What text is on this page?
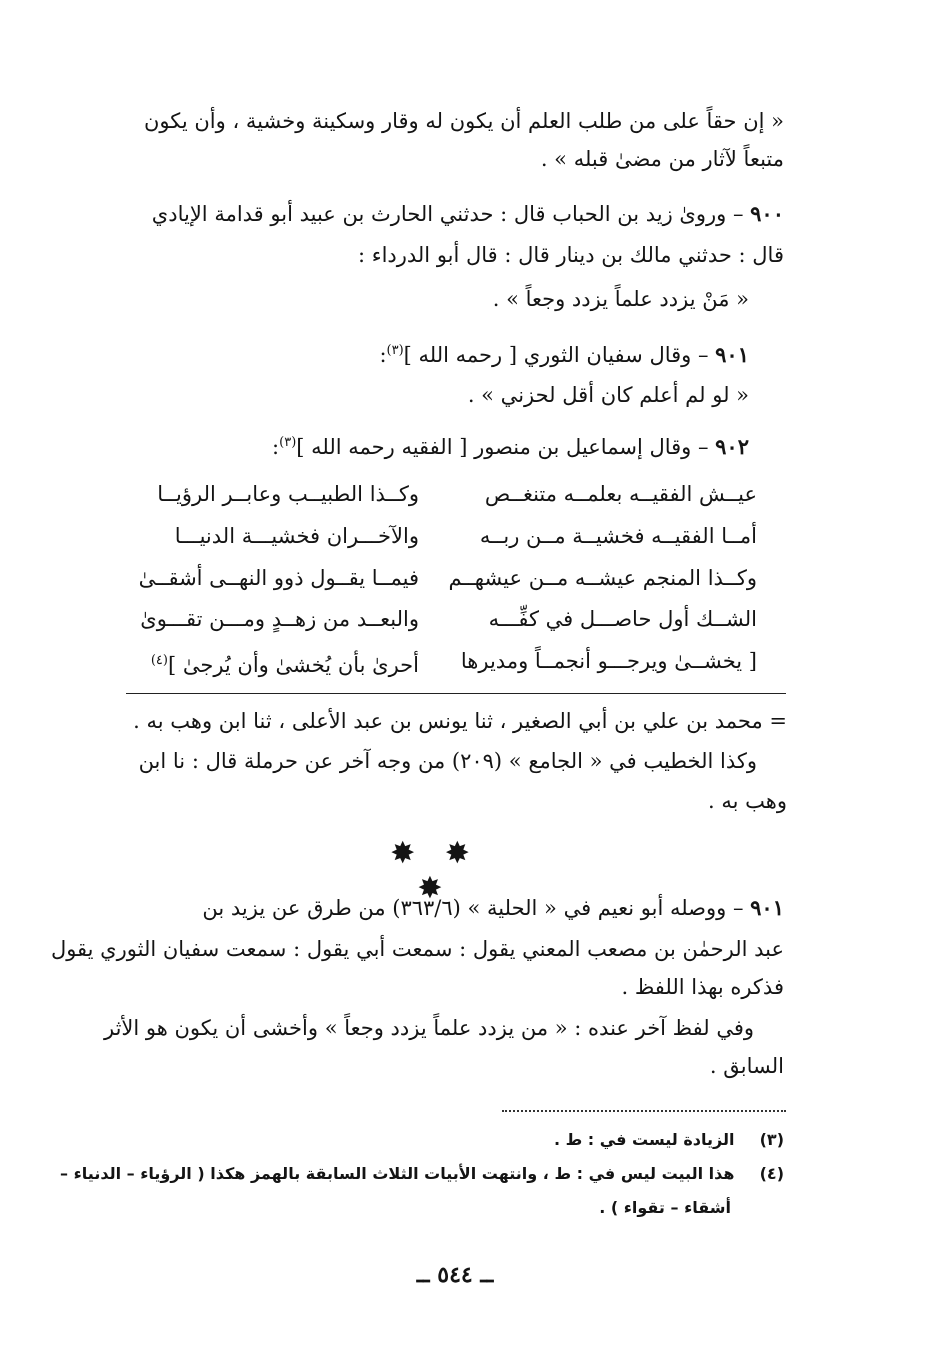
« إن حقاً على من طلب العلم أن يكون له وقار وسكينة وخشية ، وأن يكون
متبعاً لآثار من مضىٰ قبله » .
٩٠٠ – ورویٰ زید بن الحباب قال : حدثني الحارث بن عبید أبو قدامة الإیادي
قال : حدثني مالك بن دینار قال : قال أبو الدرداء :
« مَنْ یزدد علماً یزدد وجعاً » .
٩٠١ – وقال سفیان الثوري [ رحمه الله ]$^{(٣)}$:
« لو لم أعلم كان أقل لحزني » .
٩٠٢ – وقال إسماعیل بن منصور [ الفقیه رحمه الله ]$^{(٣)}$:
عیــش الفقیــه بعلمــه متنغــص
وكــذا الطبیــب وعابــر الرؤیــا
أمــا الفقیــه فخشیــة مــن ربــه
والآخـــران فخشیـــة الدنیـــا
وكــذا المنجم عیشــه مــن عیشهــم
فیمــا یقــول ذوو النهــی أشقــىٰ
الشــك أول حاصـــل في كفِّـــه
والبعــد من زهــدٍ ومـــن تقـــوىٰ
[ یخشــىٰ ویرجـــو أنجمــاً ومدیرها
أحرىٰ بأن یُخشىٰ وأن یُرجىٰ ]$^{(٤)}$
= محمد بن علي بن أبي الصغیر ، ثنا یونس بن عبد الأعلى ، ثنا ابن وهب به .
وكذا الخطیب في « الجامع » (٢٠٩) من وجه آخر عن حرملة قال : نا ابن
وهب به .
✸ ✸ ✸
٩٠١ – ووصله أبو نعیم في « الحلیة » (٣٦٣/٦) من طرق عن یزید بن
عبد الرحمٰن بن مصعب المعني یقول : سمعت أبي یقول : سمعت سفیان الثوري یقول
فذكره بهذا اللفظ .
وفي لفظ آخر عنده : « من یزدد علماً یزدد وجعاً » وأخشى أن یكون هو الأثر
السابق .
(٣)  الزیادة لیست في : ط .
(٤)  هذا البیت لیس في : ط ، وانتهت الأبیات الثلاث السابقة بالهمز هكذا ( الرؤیاء – الدنیاء –
أشقاء – تقواء ) .
ــ ٥٤٤ ــ
